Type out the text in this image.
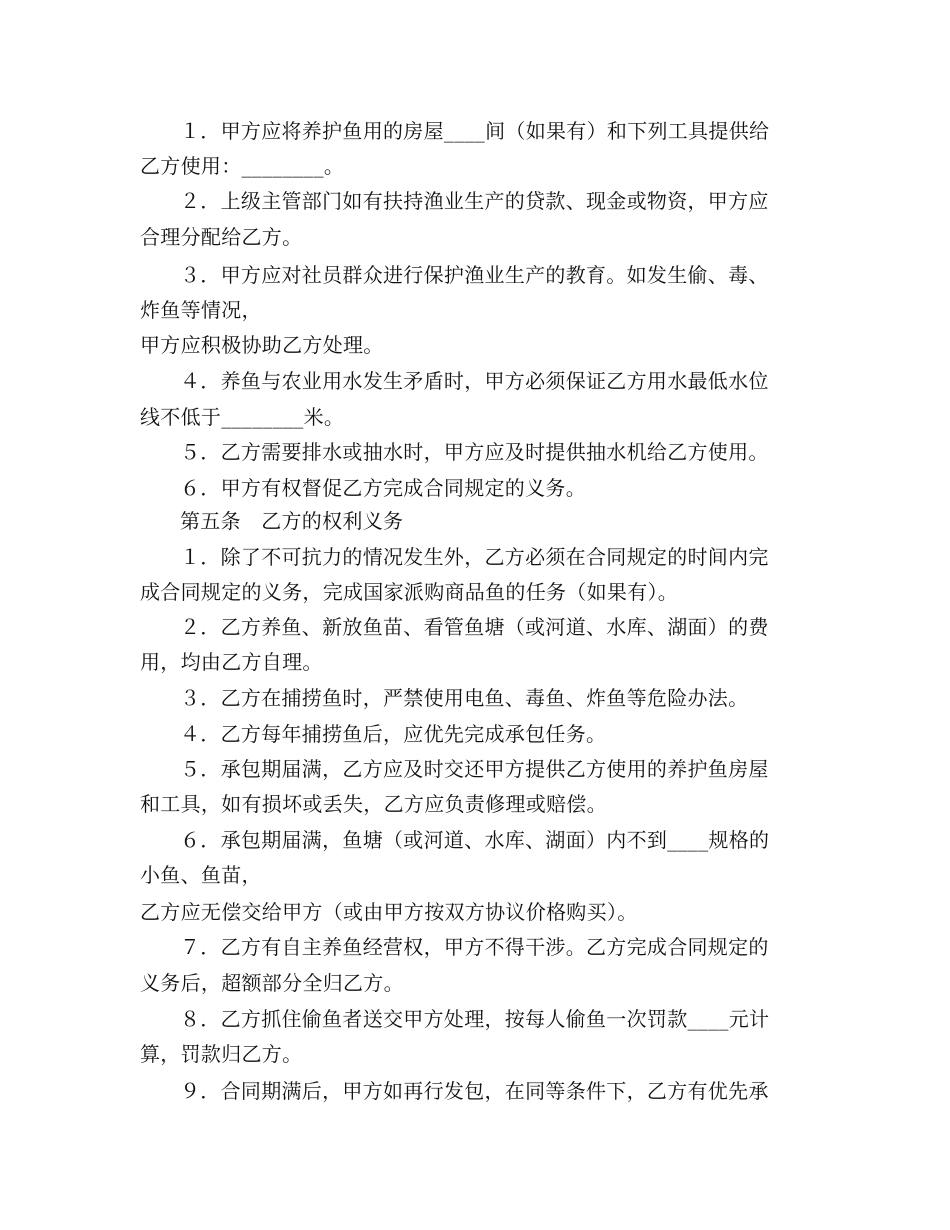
１．甲方应将养护鱼用的房屋____间（如果有）和下列工具提供给
乙方使用：________。
２．上级主管部门如有扶持渔业生产的贷款、现金或物资，甲方应
合理分配给乙方。
３．甲方应对社员群众进行保护渔业生产的教育。如发生偷、毒、
炸鱼等情况，
甲方应积极协助乙方处理。
４．养鱼与农业用水发生矛盾时，甲方必须保证乙方用水最低水位
线不低于________米。
５．乙方需要排水或抽水时，甲方应及时提供抽水机给乙方使用。
６．甲方有权督促乙方完成合同规定的义务。
第五条　乙方的权利义务
１．除了不可抗力的情况发生外，乙方必须在合同规定的时间内完
成合同规定的义务，完成国家派购商品鱼的任务（如果有）。
２．乙方养鱼、新放鱼苗、看管鱼塘（或河道、水库、湖面）的费
用，均由乙方自理。
３．乙方在捕捞鱼时，严禁使用电鱼、毒鱼、炸鱼等危险办法。
４．乙方每年捕捞鱼后，应优先完成承包任务。
５．承包期届满，乙方应及时交还甲方提供乙方使用的养护鱼房屋
和工具，如有损坏或丢失，乙方应负责修理或赔偿。
６．承包期届满，鱼塘（或河道、水库、湖面）内不到____规格的
小鱼、鱼苗，
乙方应无偿交给甲方（或由甲方按双方协议价格购买）。
７．乙方有自主养鱼经营权，甲方不得干涉。乙方完成合同规定的
义务后，超额部分全归乙方。
８．乙方抓住偷鱼者送交甲方处理，按每人偷鱼一次罚款____元计
算，罚款归乙方。
９．合同期满后，甲方如再行发包，在同等条件下，乙方有优先承
